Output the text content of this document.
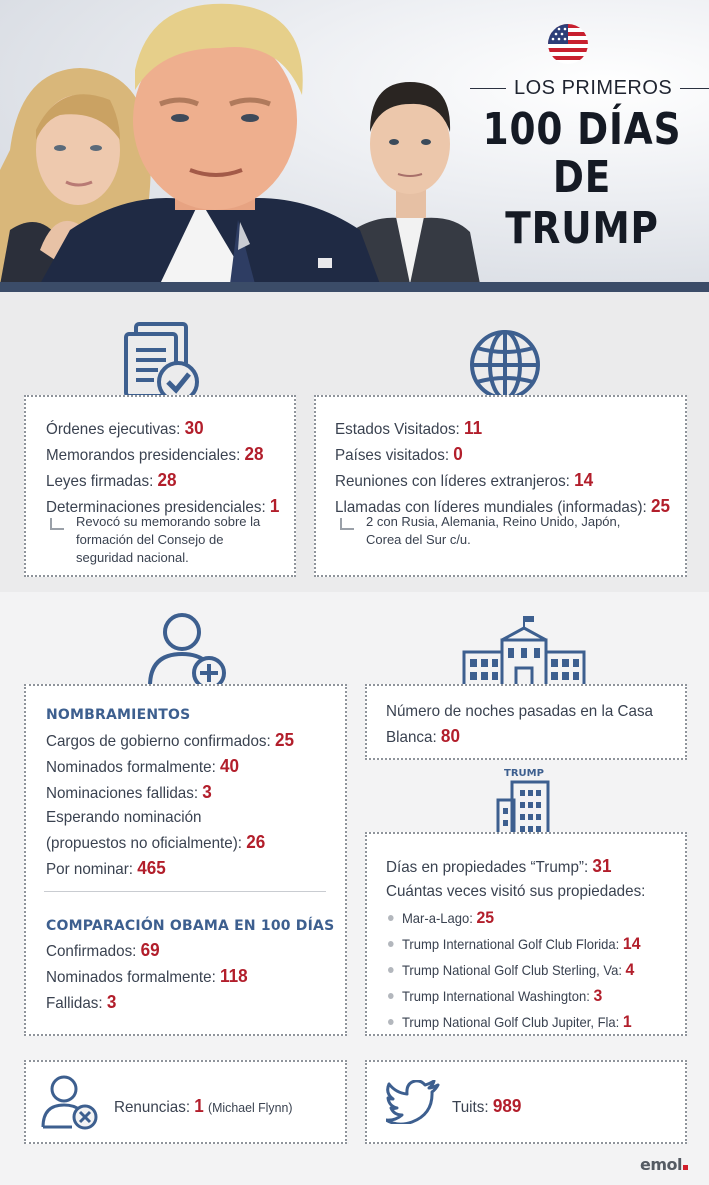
LOS PRIMEROS
100 DÍAS
DE TRUMP
Órdenes ejecutivas: 30
Memorandos presidenciales: 28
Leyes firmadas: 28
Determinaciones presidenciales: 1
Revocó su memorando sobre la formación del Consejo de seguridad nacional.
Estados Visitados: 11
Países visitados: 0
Reuniones con líderes extranjeros: 14
Llamadas con líderes mundiales (informadas): 25
2 con Rusia, Alemania, Reino Unido, Japón, Corea del Sur c/u.
NOMBRAMIENTOS
Cargos de gobierno confirmados: 25
Nominados formalmente: 40
Nominaciones fallidas: 3
Esperando nominación
(propuestos no oficialmente): 26
Por nominar: 465
COMPARACIÓN OBAMA EN 100 DÍAS
Confirmados: 69
Nominados formalmente: 118
Fallidas: 3
Número de noches pasadas en la Casa
Blanca: 80
TRUMP
Días en propiedades “Trump”: 31
Cuántas veces visitó sus propiedades:
Mar-a-Lago: 25
Trump International Golf Club Florida: 14
Trump National Golf Club Sterling, Va: 4
Trump International Washington: 3
Trump National Golf Club Jupiter, Fla: 1
Renuncias: 1 (Michael Flynn)	Tuits: 989
emol
